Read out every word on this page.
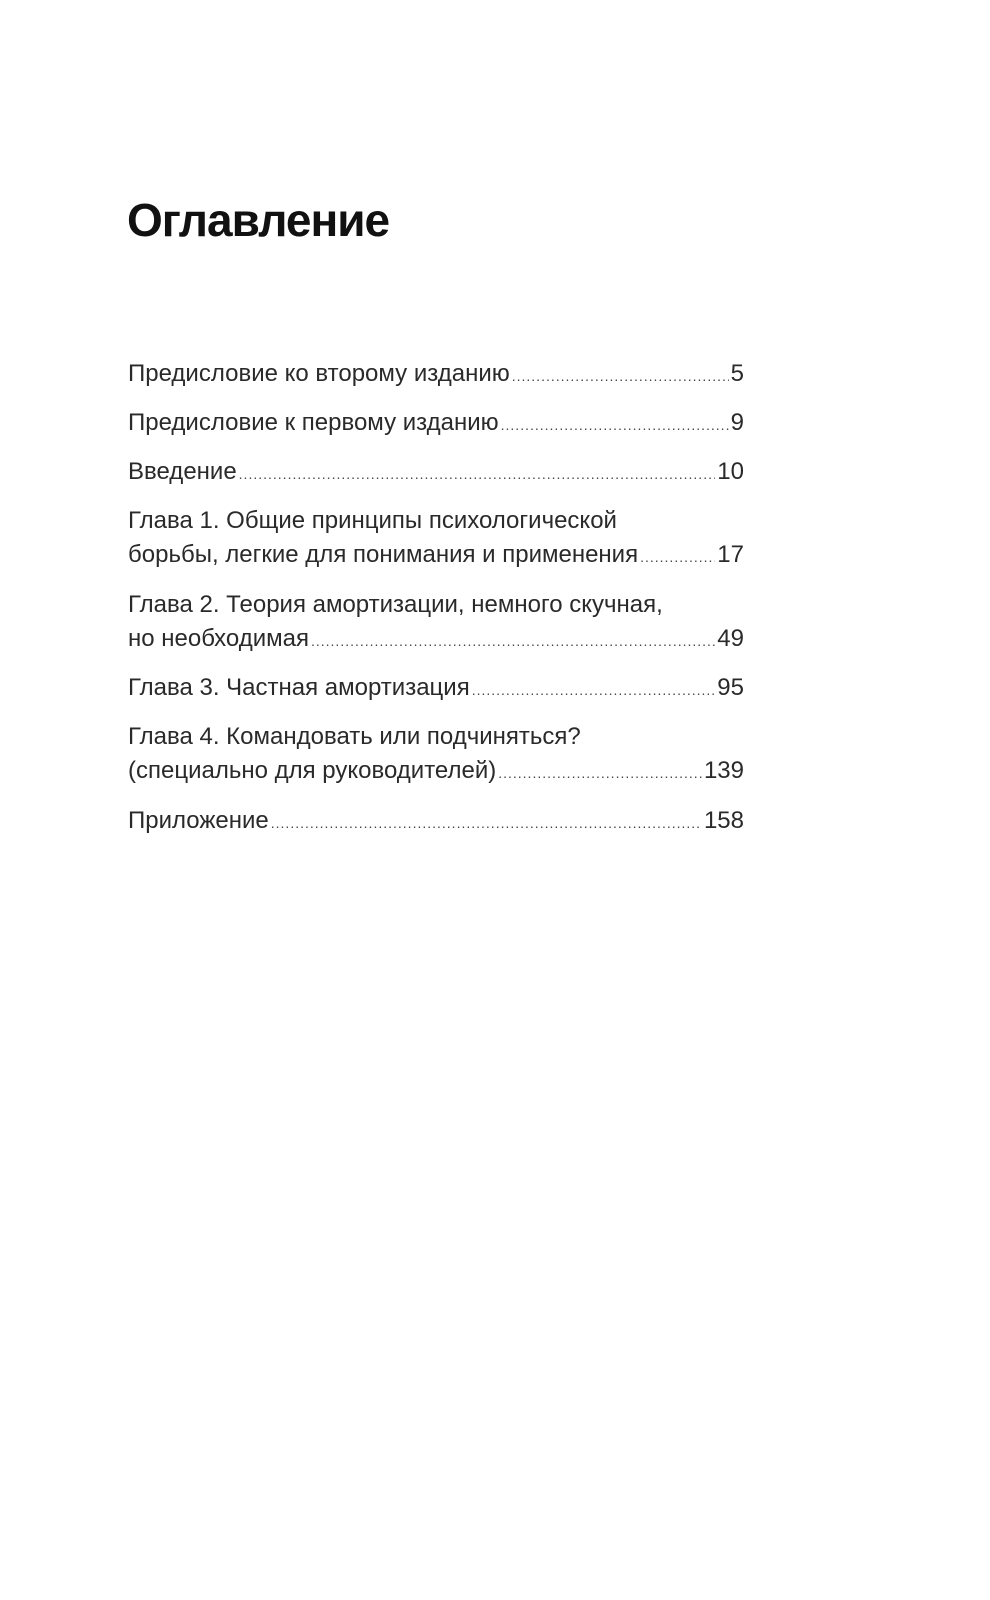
Оглавление
Предисловие ко второму изданию .....	5
Предисловие к первому изданию .....	9
Введение .....	10
Глава 1. Общие принципы психологической
борьбы, легкие для понимания и применения .....	17
Глава 2. Теория амортизации, немного скучная,
но необходимая .....	49
Глава 3. Частная амортизация .....	95
Глава 4. Командовать или подчиняться?
(специально для руководителей) .....	139
Приложение .....	158
